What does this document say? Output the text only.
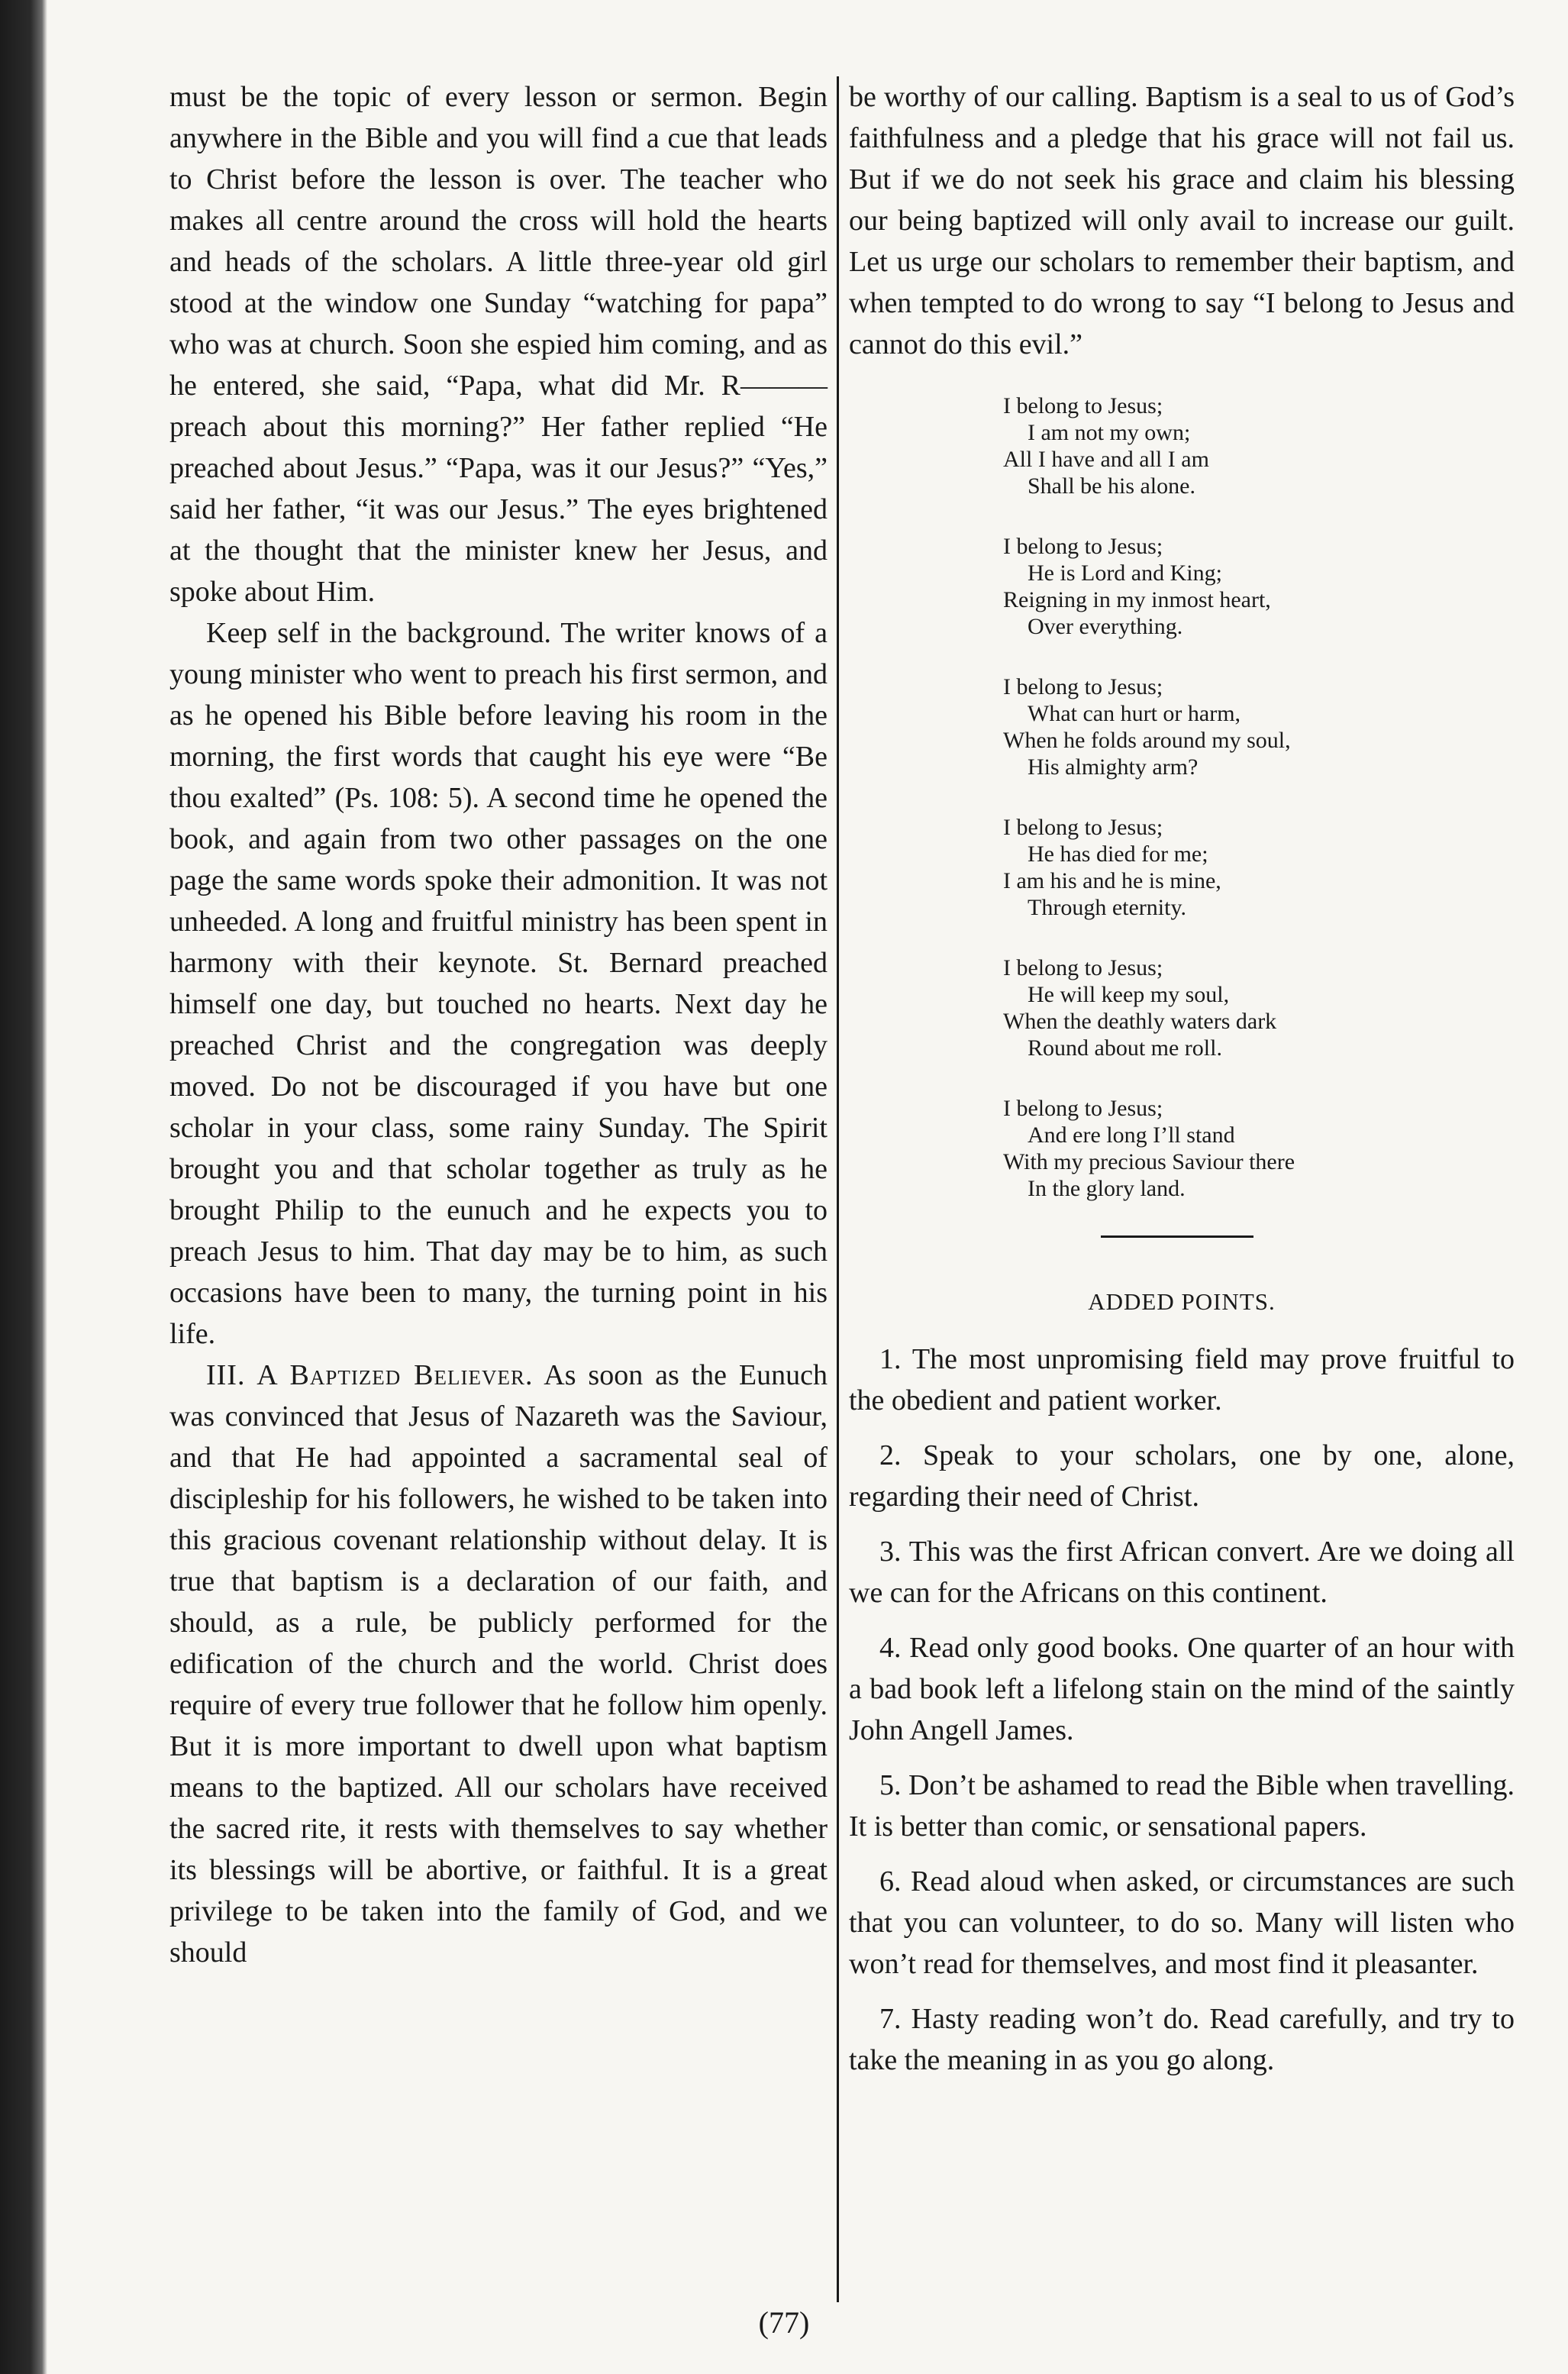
must be the topic of every lesson or sermon. Begin anywhere in the Bible and you will find a cue that leads to Christ before the lesson is over. The teacher who makes all centre around the cross will hold the hearts and heads of the scholars. A little three-year old girl stood at the window one Sunday “watching for papa” who was at church. Soon she espied him coming, and as he entered, she said, “Papa, what did Mr. R——— preach about this morning?” Her father replied “He preached about Jesus.” “Papa, was it our Jesus?” “Yes,” said her father, “it was our Jesus.” The eyes brightened at the thought that the minister knew her Jesus, and spoke about Him.

Keep self in the background. The writer knows of a young minister who went to preach his first sermon, and as he opened his Bible before leaving his room in the morning, the first words that caught his eye were “Be thou exalted” (Ps. 108: 5). A second time he opened the book, and again from two other passages on the one page the same words spoke their admonition. It was not unheeded. A long and fruitful ministry has been spent in harmony with their keynote. St. Bernard preached himself one day, but touched no hearts. Next day he preached Christ and the congregation was deeply moved. Do not be discouraged if you have but one scholar in your class, some rainy Sunday. The Spirit brought you and that scholar together as truly as he brought Philip to the eunuch and he expects you to preach Jesus to him. That day may be to him, as such occasions have been to many, the turning point in his life.

III. A Baptized Believer. As soon as the Eunuch was convinced that Jesus of Nazareth was the Saviour, and that He had appointed a sacramental seal of discipleship for his followers, he wished to be taken into this gracious covenant relationship without delay. It is true that baptism is a declaration of our faith, and should, as a rule, be publicly performed for the edification of the church and the world. Christ does require of every true follower that he follow him openly. But it is more important to dwell upon what baptism means to the baptized. All our scholars have received the sacred rite, it rests with themselves to say whether its blessings will be abortive, or faithful. It is a great privilege to be taken into the family of God, and we should

be worthy of our calling. Baptism is a seal to us of God’s faithfulness and a pledge that his grace will not fail us. But if we do not seek his grace and claim his blessing our being baptized will only avail to increase our guilt. Let us urge our scholars to remember their baptism, and when tempted to do wrong to say “I belong to Jesus and cannot do this evil.”

I belong to Jesus;
I am not my own;
All I have and all I am
Shall be his alone.
I belong to Jesus;
He is Lord and King;
Reigning in my inmost heart,
Over everything.
I belong to Jesus;
What can hurt or harm,
When he folds around my soul,
His almighty arm?
I belong to Jesus;
He has died for me;
I am his and he is mine,
Through eternity.
I belong to Jesus;
He will keep my soul,
When the deathly waters dark
Round about me roll.
I belong to Jesus;
And ere long I’ll stand
With my precious Saviour there
In the glory land.
ADDED POINTS.

1. The most unpromising field may prove fruitful to the obedient and patient worker.

2. Speak to your scholars, one by one, alone, regarding their need of Christ.

3. This was the first African convert. Are we doing all we can for the Africans on this continent.

4. Read only good books. One quarter of an hour with a bad book left a lifelong stain on the mind of the saintly John Angell James.

5. Don’t be ashamed to read the Bible when travelling. It is better than comic, or sensational papers.

6. Read aloud when asked, or circumstances are such that you can volunteer, to do so. Many will listen who won’t read for themselves, and most find it pleasanter.

7. Hasty reading won’t do. Read carefully, and try to take the meaning in as you go along.

(77)
